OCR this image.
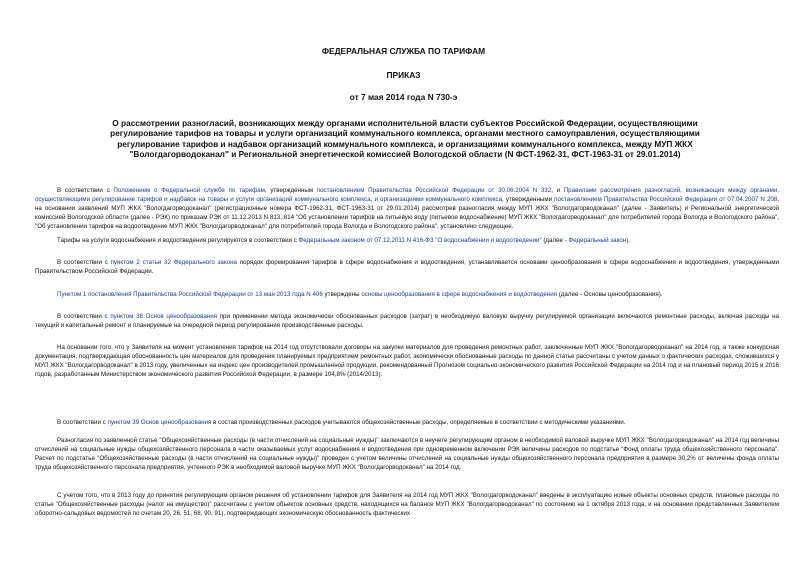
ФЕДЕРАЛЬНАЯ СЛУЖБА ПО ТАРИФАМ
ПРИКАЗ
от 7 мая 2014 года N 730-э
О рассмотрении разногласий, возникающих между органами исполнительной власти субъектов Российской Федерации, осуществляющими регулирование тарифов на товары и услуги организаций коммунального комплекса, органами местного самоуправления, осуществляющими регулирование тарифов и надбавок организаций коммунального комплекса, и организациями коммунального комплекса, между МУП ЖКХ "Вологдагорводоканал" и Региональной энергетической комиссией Вологодской области (N ФСТ-1962-31, ФСТ-1963-31 от 29.01.2014)
В соответствии с Положением о Федеральной службе по тарифам, утвержденным постановлением Правительства Российской Федерации от 30.06.2004 N 332, и Правилами рассмотрения разногласий, возникающих между органами, осуществляющими регулирование тарифов и надбавок на товары и услуги организаций коммунального комплекса, и организациями коммунального комплекса, утвержденными постановлением Правительства Российской Федерации от 07.04.2007 N 208, на основании заявлений МУП ЖКХ "Вологдагорводоканал" (регистрационные номера ФСТ-1962-31, ФСТ-1963-31 от 29.01.2014) рассмотрев разногласия между МУП ЖКХ "Вологдагорводоканал" (далее - Заявитель) и Региональной энергетической комиссией Вологодской области (далее - РЭК) по приказам РЭК от 11.12.2013 N 813, 814 "Об установлении тарифов на питьевую воду (питьевое водоснабжение) МУП ЖКХ "Вологдагорводоканал" для потребителей города Вологда и Вологодского района", "Об установлении тарифов на водоотведение МУП ЖКХ "Вологдагорводоканал" для потребителей города Вологда и Вологодского района", установлено следующее.
Тарифы на услуги водоснабжения и водоотведения регулируются в соответствии с Федеральным законом от 07.12.2011 N 416-ФЗ "О водоснабжении и водоотведении" (далее - Федеральный закон).
В соответствии с пунктом 2 статьи 32 Федерального закона порядок формирования тарифов в сфере водоснабжения и водоотведения, устанавливается основами ценообразования в сфере водоснабжения и водоотведения, утвержденными Правительством Российской Федерации.
Пунктом 1 постановления Правительства Российской Федерации от 13 мая 2013 года N 406 утверждены основы ценообразования в сфере водоснабжения и водоотведения (далее - Основы ценообразования).
В соответствии с пунктом 38 Основ ценообразования при применении метода экономически обоснованных расходов (затрат) в необходимую валовую выручку регулируемой организации включаются ремонтные расходы, включая расходы на текущий и капитальный ремонт и планируемые на очередной период регулирования производственные расходы.
На основании того, что у Заявителя на момент установления тарифов на 2014 год отсутствовали договоры на закупки материалов для проведения ремонтных работ, заключенные МУП ЖКХ "Вологдагорводоканал" на 2014 год, а также конкурсная документация, подтверждающая обоснованность цен материалов для проведения планируемых предприятием ремонтных работ, экономически обоснованные расходы по данной статье рассчитаны с учетом данных о фактических расходах, сложившихся у МУП ЖКХ "Вологдагорводоканал" в 2013 году, увеличенных на индекс цен производителей промышленной продукции, рекомендованный Прогнозом социально-экономического развития Российской Федерации на 2014 год и на плановый период 2015 и 2016 годов, разработанным Министерством экономического развития Российской Федерации, в размере 104,8% (2014/2013).
В соответствии с пунктом 39 Основ ценообразования в состав производственных расходов учитываются общехозяйственные расходы, определяемые в соответствии с методическими указаниями.
Разногласия по заявленной статье "Общехозяйственные расходы (в части отчислений на социальные нужды)" заключаются в неучете регулирующим органом в необходимой валовой выручке МУП ЖКХ "Вологдагорводоканал" на 2014 год величины отчислений на социальные нужды общехозяйственного персонала в части оказываемых услуг водоснабжения и водоотведения при одновременном включении РЭК величины расходов по подстатье "Фонд оплаты труда общехозяйственного персонала". Расчет по подстатье "Общехозяйственные расходы (в части отчислений на социальные нужды)" проведен с учетом величины отчислений на социальные нужды общехозяйственного персонала предприятия в размере 30,2% от величины фонда оплаты труда общехозяйственного персонала предприятия, учтенного РЭК в необходимой валовой выручке МУП ЖКХ "Вологдагорводоканал" на 2014 год.
С учетом того, что в 2013 году до принятия регулирующим органом решения об установлении тарифов для Заявителя на 2014 год МУП ЖКХ "Вологдагорводоканал" введены в эксплуатацию новые объекты основных средств, плановые расходы по статье "Общехозяйственные расходы (налог на имущество)" рассчитаны с учетом объектов основных средств, находящихся на балансе МУП ЖКХ "Вологдагорводоканал" по состоянию на 1 октября 2013 года, и на основании представленных Заявителем оборотно-сальдовых ведомостей по счетам 20, 26, 51, 68, 90, 91), подтверждающих экономическую обоснованность фактических
